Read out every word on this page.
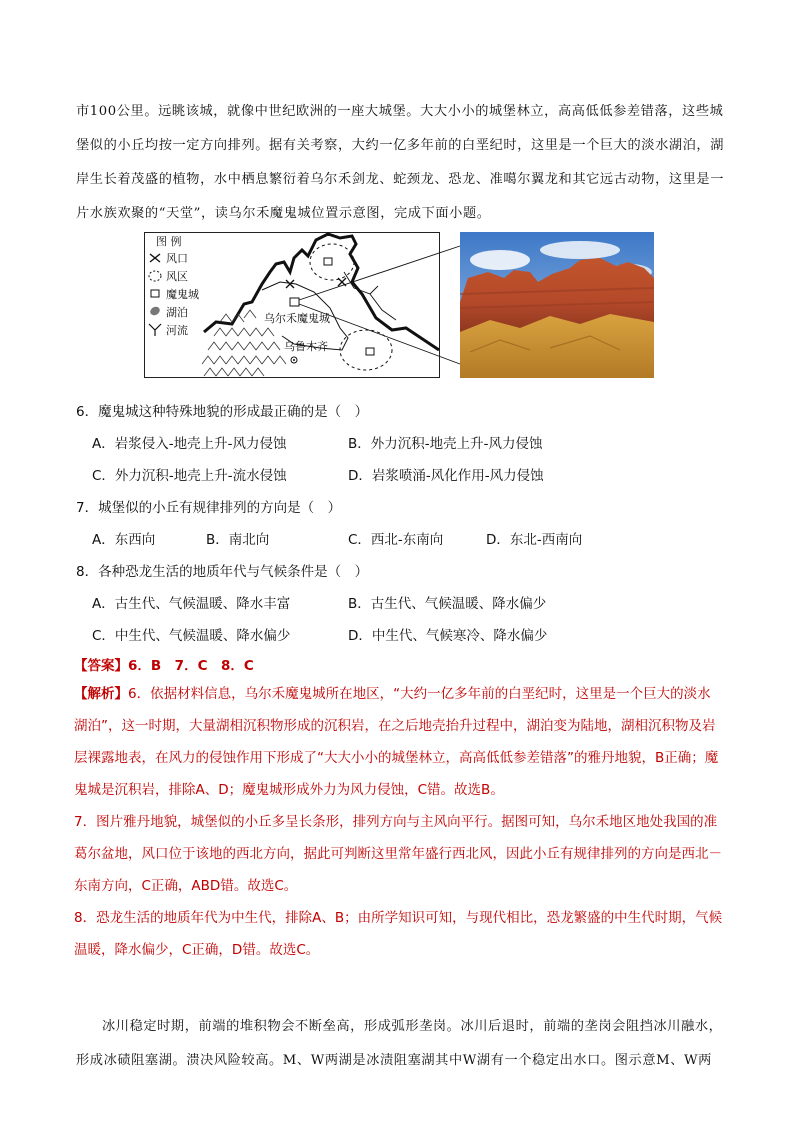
市100公里。远眺该城，就像中世纪欧洲的一座大城堡。大大小小的城堡林立，高高低低参差错落，这些城堡似的小丘均按一定方向排列。据有关考察，大约一亿多年前的白垩纪时，这里是一个巨大的淡水湖泊，湖岸生长着茂盛的植物，水中栖息繁衍着乌尔禾剑龙、蛇颈龙、恐龙、准噶尔翼龙和其它远古动物，这里是一片水族欢聚的“天堂”，读乌尔禾魔鬼城位置示意图，完成下面小题。

图 例
风口
风区
魔鬼城
湖泊
河流
乌尔禾魔鬼城
乌鲁木齐
6．魔鬼城这种特殊地貌的形成最正确的是（　）
A．岩浆侵入-地壳上升-风力侵蚀	B．外力沉积-地壳上升-风力侵蚀
C．外力沉积-地壳上升-流水侵蚀	D．岩浆喷涌-风化作用-风力侵蚀
7．城堡似的小丘有规律排列的方向是（　）
A．东西向	B．南北向	C．西北-东南向	D．东北-西南向
8．各种恐龙生活的地质年代与气候条件是（　）
A．古生代、气候温暖、降水丰富	B．古生代、气候温暖、降水偏少
C．中生代、气候温暖、降水偏少	D．中生代、气候寒冷、降水偏少
【答案】6．B　7．C　8．C

【解析】6．依据材料信息，乌尔禾魔鬼城所在地区，“大约一亿多年前的白垩纪时，这里是一个巨大的淡水湖泊”，这一时期，大量湖相沉积物形成的沉积岩，在之后地壳抬升过程中，湖泊变为陆地，湖相沉积物及岩层裸露地表，在风力的侵蚀作用下形成了“大大小小的城堡林立，高高低低参差错落”的雅丹地貌，B正确；魔鬼城是沉积岩，排除A、D；魔鬼城形成外力为风力侵蚀，C错。故选B。

7．图片雅丹地貌，城堡似的小丘多呈长条形，排列方向与主风向平行。据图可知，乌尔禾地区地处我国的准葛尔盆地，风口位于该地的西北方向，据此可判断这里常年盛行西北风，因此小丘有规律排列的方向是西北－东南方向，C正确，ABD错。故选C。

8．恐龙生活的地质年代为中生代，排除A、B；由所学知识可知，与现代相比，恐龙繁盛的中生代时期，气候温暖，降水偏少，C正确，D错。故选C。

冰川稳定时期，前端的堆积物会不断垒高，形成弧形垄岗。冰川后退时，前端的垄岗会阻挡冰川融水，形成冰碛阻塞湖。溃决风险较高。M、W两湖是冰渍阻塞湖其中W湖有一个稳定出水口。图示意M、W两
